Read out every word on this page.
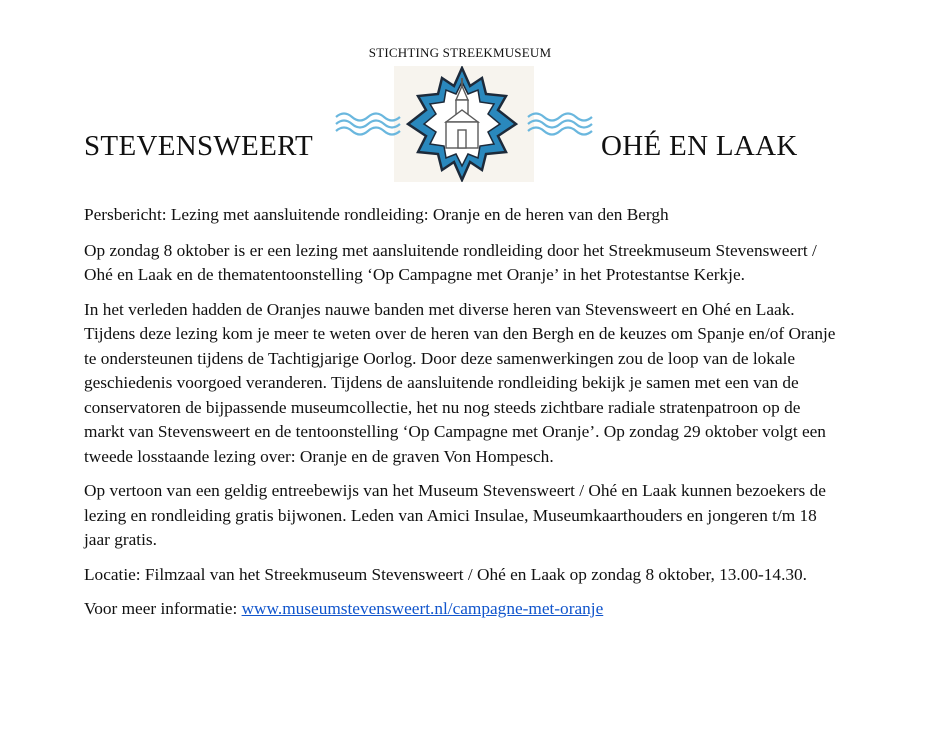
STICHTING STREEKMUSEUM
STEVENSWEERT	OHÉ EN LAAK

Persbericht: Lezing met aansluitende rondleiding: Oranje en de heren van den Bergh

Op zondag 8 oktober is er een lezing met aansluitende rondleiding door het Streekmuseum Stevensweert / Ohé en Laak en de thematentoonstelling ‘Op Campagne met Oranje’ in het Protestantse Kerkje.

In het verleden hadden de Oranjes nauwe banden met diverse heren van Stevensweert en Ohé en Laak. Tijdens deze lezing kom je meer te weten over de heren van den Bergh en de keuzes om Spanje en/of Oranje te ondersteunen tijdens de Tachtigjarige Oorlog. Door deze samenwerkingen zou de loop van de lokale geschiedenis voorgoed veranderen. Tijdens de aansluitende rondleiding bekijk je samen met een van de conservatoren de bijpassende museumcollectie, het nu nog steeds zichtbare radiale stratenpatroon op de markt van Stevensweert en de tentoonstelling ‘Op Campagne met Oranje’. Op zondag 29 oktober volgt een tweede losstaande lezing over: Oranje en de graven Von Hompesch.

Op vertoon van een geldig entreebewijs van het Museum Stevensweert / Ohé en Laak kunnen bezoekers de lezing en rondleiding gratis bijwonen. Leden van Amici Insulae, Museumkaarthouders en jongeren t/m 18 jaar gratis.

Locatie: Filmzaal van het Streekmuseum Stevensweert / Ohé en Laak op zondag 8 oktober, 13.00-14.30.

Voor meer informatie: www.museumstevensweert.nl/campagne-met-oranje
